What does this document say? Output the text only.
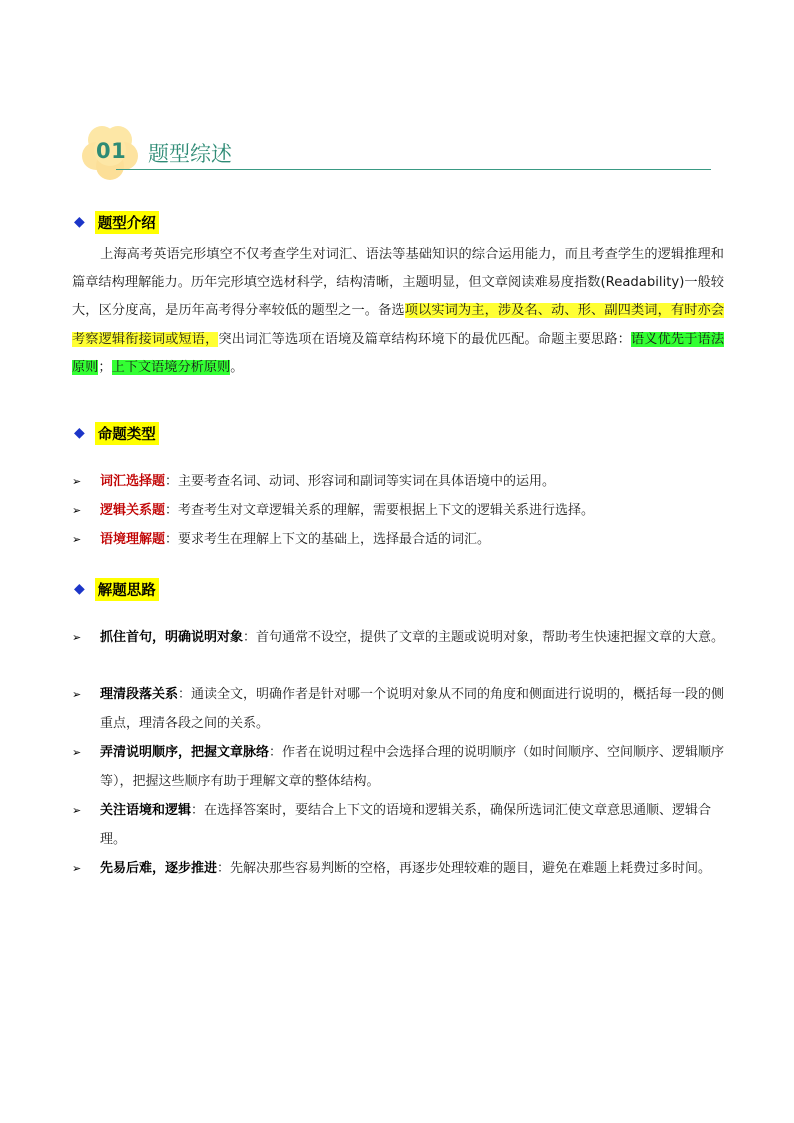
01 题型综述
◆ 题型介绍
上海高考英语完形填空不仅考查学生对词汇、语法等基础知识的综合运用能力，而且考查学生的逻辑推理和篇章结构理解能力。历年完形填空选材科学，结构清晰，主题明显，但文章阅读难易度指数(Readability)一般较大，区分度高，是历年高考得分率较低的题型之一。备选项以实词为主，涉及名、动、形、副四类词，有时亦会考察逻辑衔接词或短语，突出词汇等选项在语境及篇章结构环境下的最优匹配。命题主要思路：语义优先于语法原则；上下文语境分析原则。
◆ 命题类型
➢ 词汇选择题：主要考查名词、动词、形容词和副词等实词在具体语境中的运用。
➢ 逻辑关系题：考查考生对文章逻辑关系的理解，需要根据上下文的逻辑关系进行选择。
➢ 语境理解题：要求考生在理解上下文的基础上，选择最合适的词汇。
◆ 解题思路
➢ 抓住首句，明确说明对象：首句通常不设空，提供了文章的主题或说明对象，帮助考生快速把握文章的大意。
➢ 理清段落关系：通读全文，明确作者是针对哪一个说明对象从不同的角度和侧面进行说明的，概括每一段的侧重点，理清各段之间的关系。
➢ 弄清说明顺序，把握文章脉络：作者在说明过程中会选择合理的说明顺序（如时间顺序、空间顺序、逻辑顺序等），把握这些顺序有助于理解文章的整体结构。
➢ 关注语境和逻辑：在选择答案时，要结合上下文的语境和逻辑关系，确保所选词汇使文章意思通顺、逻辑合理。
➢ 先易后难，逐步推进：先解决那些容易判断的空格，再逐步处理较难的题目，避免在难题上耗费过多时间。
